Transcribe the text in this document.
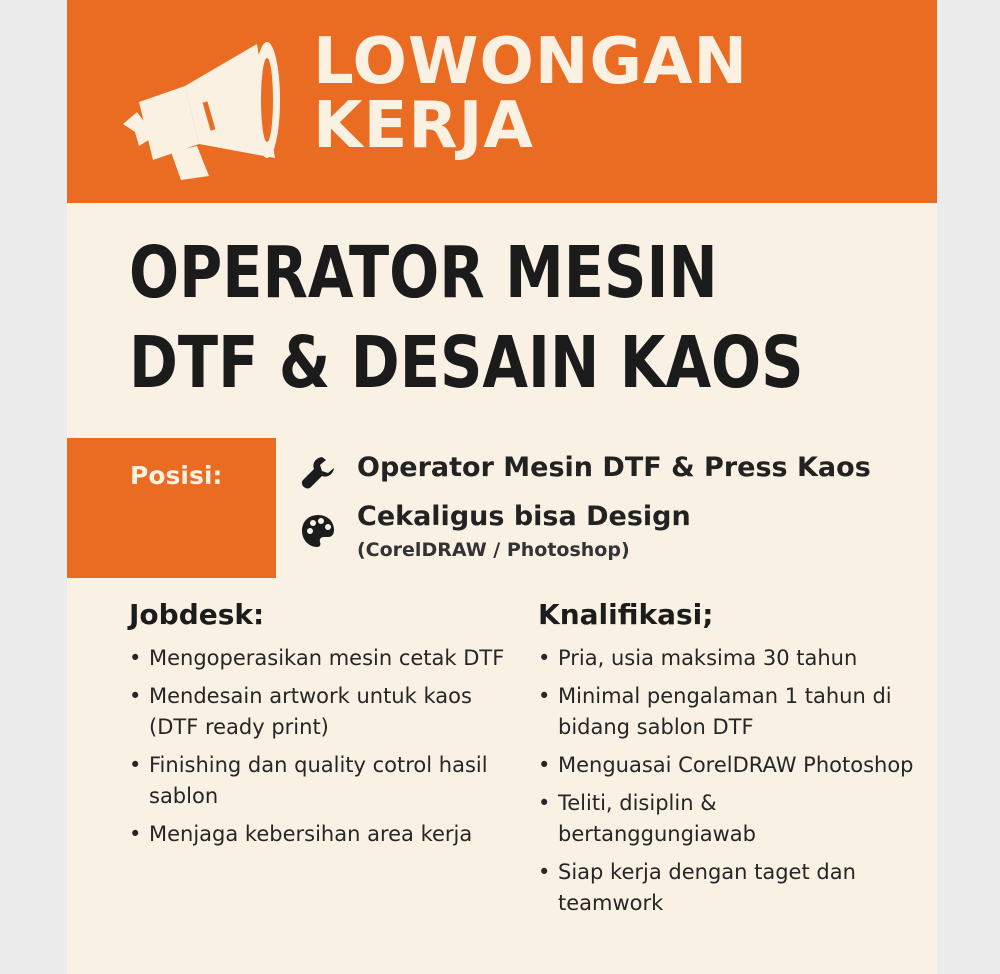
LOWONGAN
KERJA
OPERATOR MESIN
DTF & DESAIN KAOS
Posisi:	Operator Mesin DTF & Press Kaos
Cekaligus bisa Design
(CorelDRAW / Photoshop)
Jobdesk:
• Mengoperasikan mesin cetak DTF
• Mendesain artwork untuk kaos (DTF ready print)
• Finishing dan quality cotrol hasil sablon
• Menjaga kebersihan area kerja
Knalifikasi;
• Pria, usia maksima 30 tahun
• Minimal pengalaman 1 tahun di bidang sablon DTF
• Menguasai CorelDRAW Photoshop
• Teliti, disiplin & bertanggungiawab
• Siap kerja dengan taget dan teamwork
